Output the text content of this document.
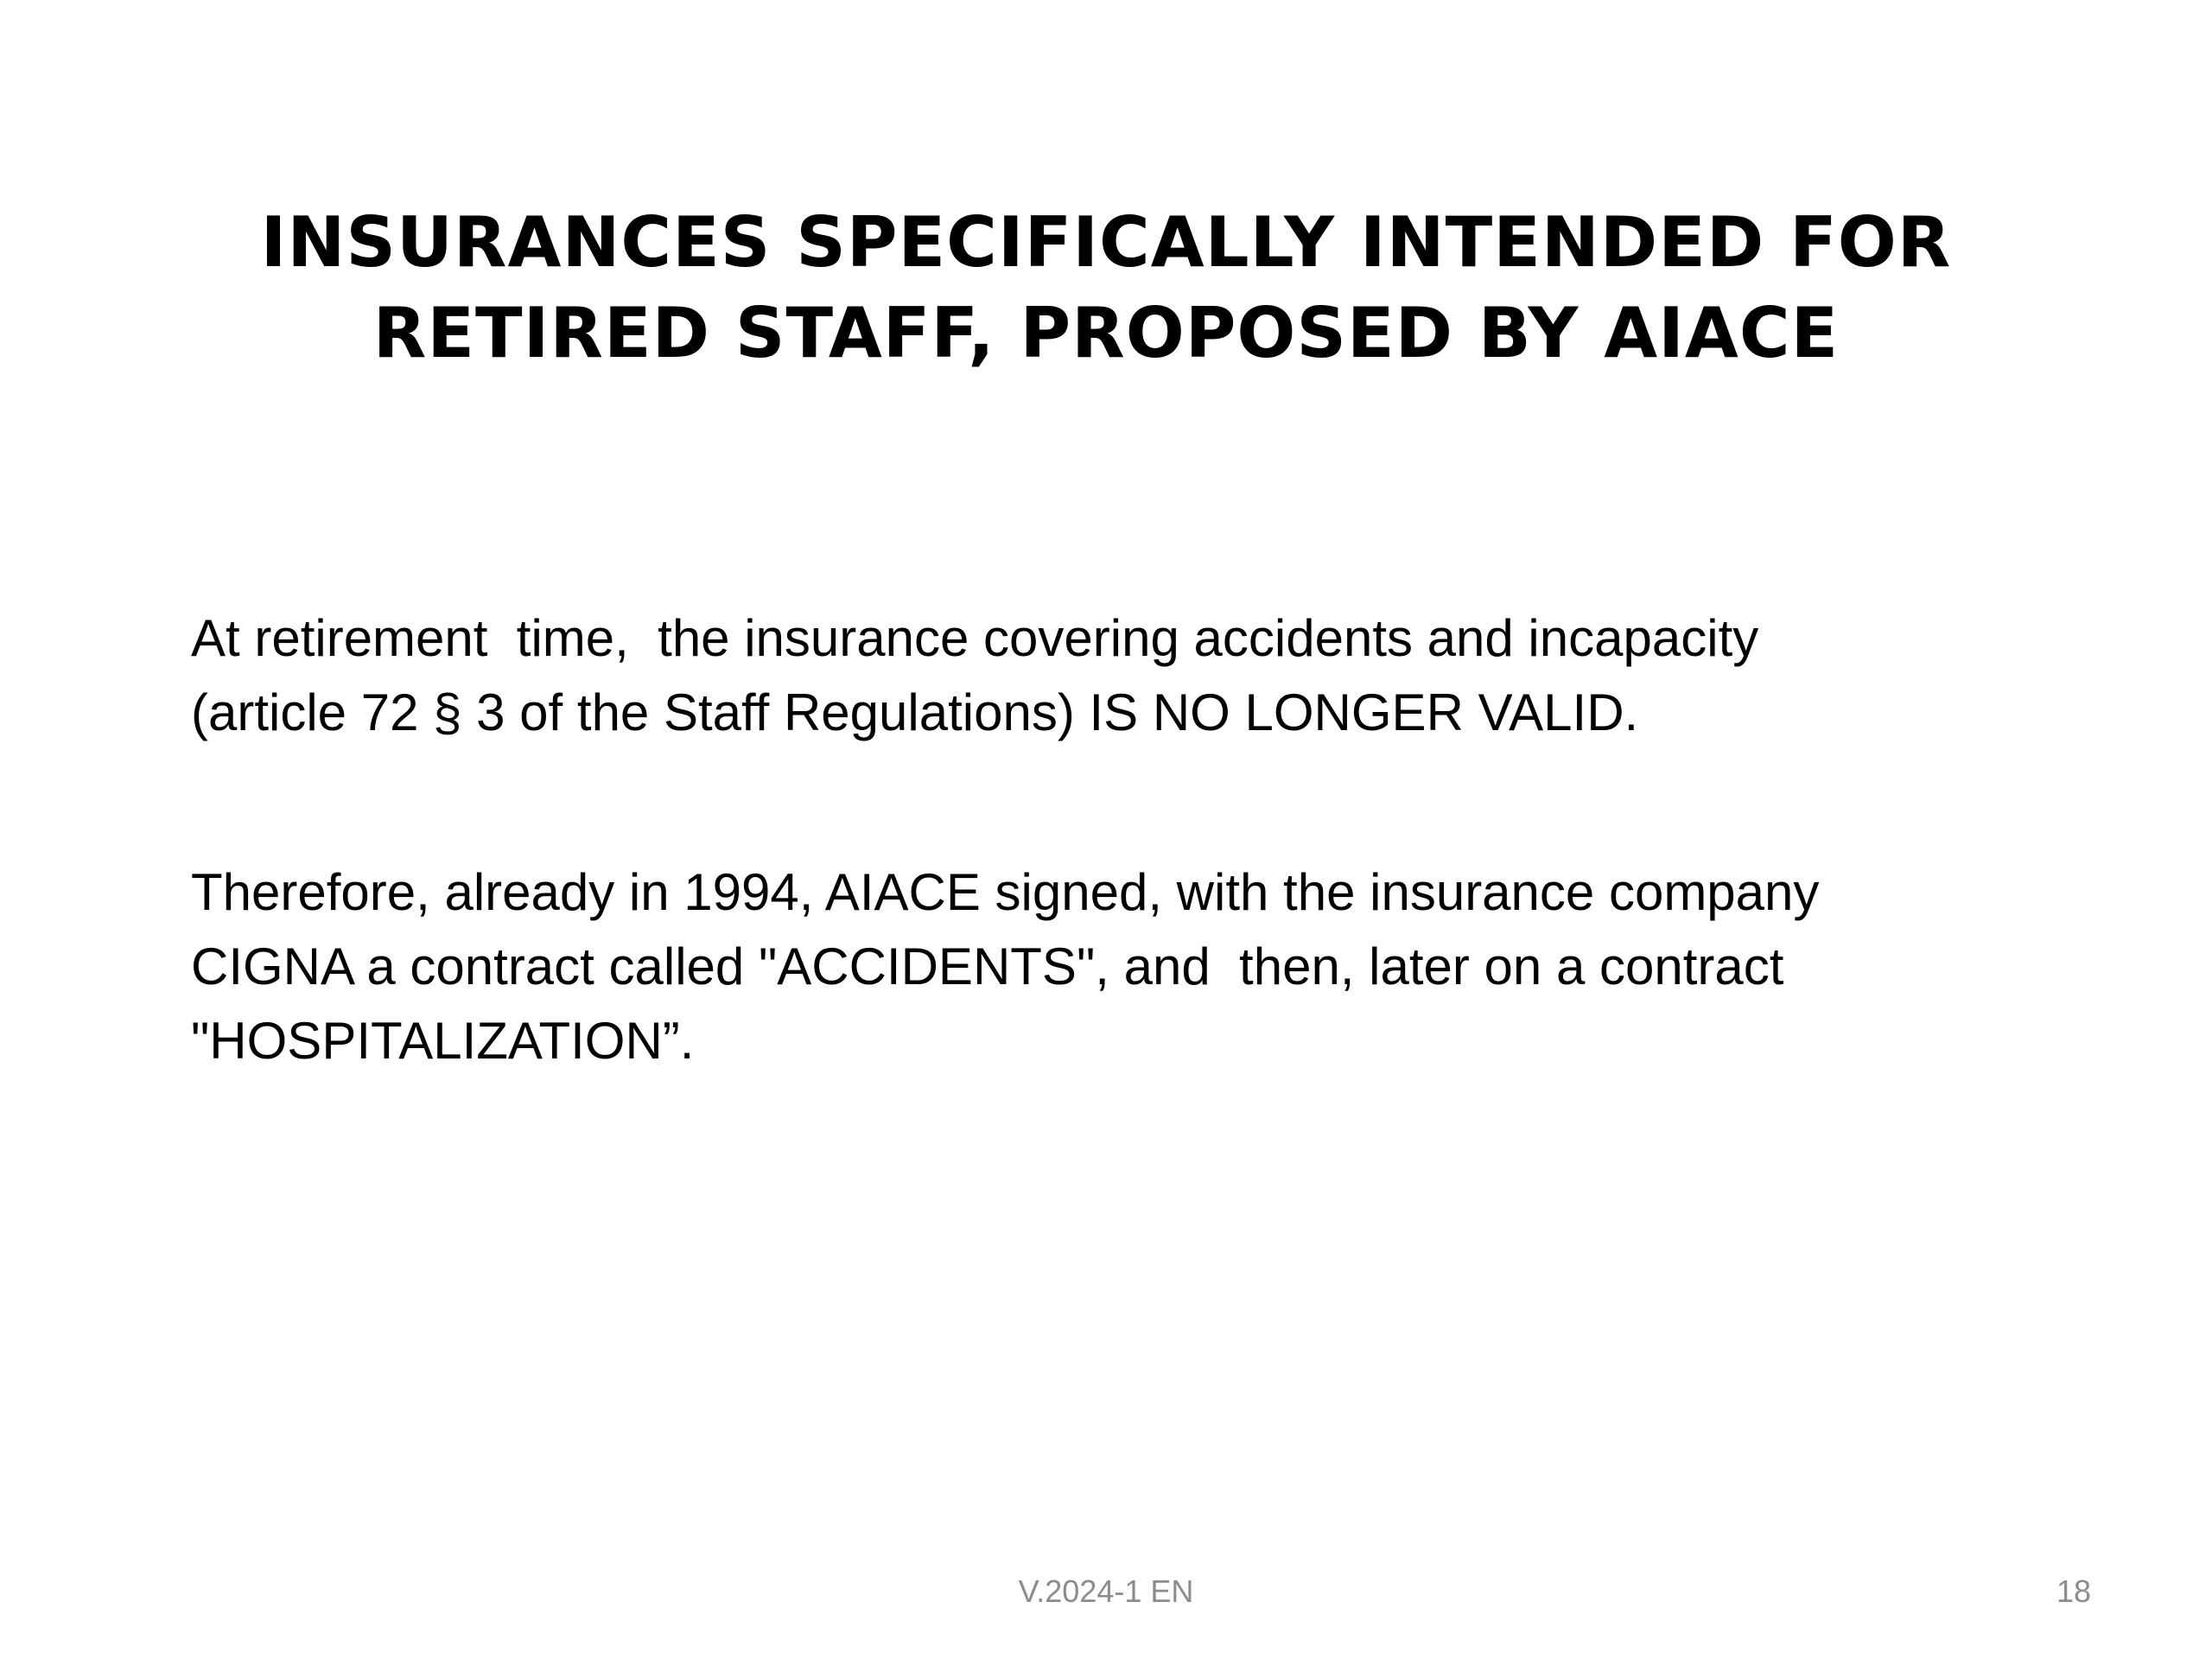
INSURANCES SPECIFICALLY INTENDED FOR
RETIRED STAFF, PROPOSED BY AIACE

At retirement  time,  the insurance covering accidents and incapacity
(article 72 § 3 of the Staff Regulations) IS NO LONGER VALID.

Therefore, already in 1994, AIACE signed, with the insurance company
CIGNA a contract called "ACCIDENTS", and  then, later on a contract
"HOSPITALIZATION”.

V.2024-1 EN	18
